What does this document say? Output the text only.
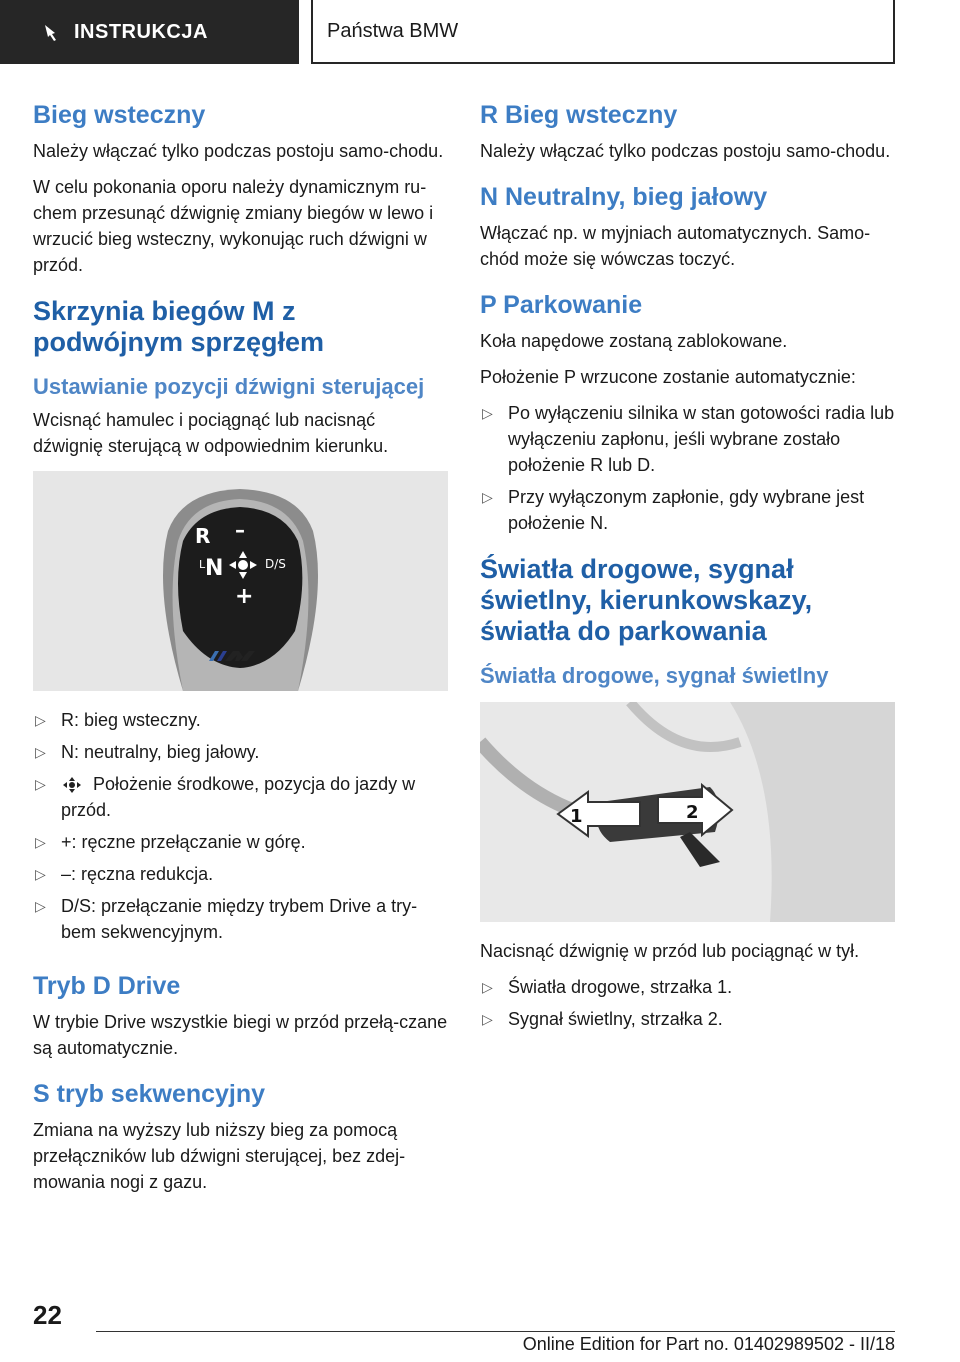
INSTRUKCJA	Państwa BMW
Bieg wsteczny

Należy włączać tylko podczas postoju samo-chodu.

W celu pokonania oporu należy dynamicznym ru-chem przesunąć dźwignię zmiany biegów w lewo i wrzucić bieg wsteczny, wykonując ruch dźwigni w przód.

Skrzynia biegów M z podwójnym sprzęgłem
Ustawianie pozycji dźwigni sterującej

Wcisnąć hamulec i pociągnąć lub nacisnąć dźwignię sterującą w odpowiednim kierunku.

R –
L N	D/S
+
▷ R: bieg wsteczny.
▷ N: neutralny, bieg jałowy.
▷	Położenie środkowe, pozycja do jazdy w przód.
▷ +: ręczne przełączanie w górę.
▷ –: ręczna redukcja.
▷ D/S: przełączanie między trybem Drive a try-bem sekwencyjnym.
Tryb D Drive

W trybie Drive wszystkie biegi w przód przełą-czane są automatycznie.

S tryb sekwencyjny

Zmiana na wyższy lub niższy bieg za pomocą przełączników lub dźwigni sterującej, bez zdej-mowania nogi z gazu.

R Bieg wsteczny

Należy włączać tylko podczas postoju samo-chodu.

N Neutralny, bieg jałowy

Włączać np. w myjniach automatycznych. Samo-chód może się wówczas toczyć.

P Parkowanie

Koła napędowe zostaną zablokowane.

Położenie P wrzucone zostanie automatycznie:

▷ Po wyłączeniu silnika w stan gotowości radia lub wyłączeniu zapłonu, jeśli wybrane zostało położenie R lub D.
▷ Przy wyłączonym zapłonie, gdy wybrane jest położenie N.
Światła drogowe, sygnał świetlny, kierunkowskazy, światła do parkowania
Światła drogowe, sygnał świetlny
1	2

Nacisnąć dźwignię w przód lub pociągnąć w tył.

▷ Światła drogowe, strzałka 1.
▷ Sygnał świetlny, strzałka 2.
22
Online Edition for Part no. 01402989502 - II/18
